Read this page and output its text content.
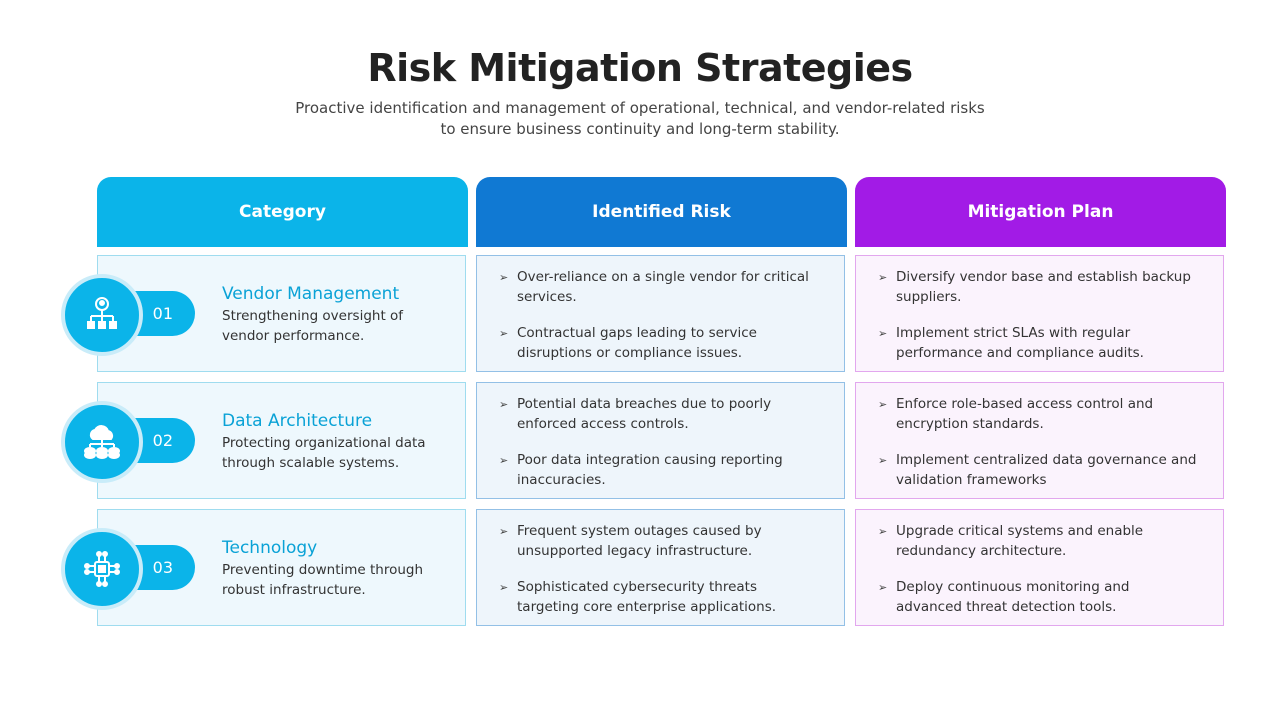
Risk Mitigation Strategies
Proactive identification and management of operational, technical, and vendor-related risks
to ensure business continuity and long-term stability.
Category	Identified Risk	Mitigation Plan
01
Vendor Management
Strengthening oversight of vendor performance.
➢ Over-reliance on a single vendor for critical services.
➢ Contractual gaps leading to service disruptions or compliance issues.
➢ Diversify vendor base and establish backup suppliers.
➢ Implement strict SLAs with regular performance and compliance audits.
02
Data Architecture
Protecting organizational data through scalable systems.
➢ Potential data breaches due to poorly enforced access controls.
➢ Poor data integration causing reporting inaccuracies.
➢ Enforce role-based access control and encryption standards.
➢ Implement centralized data governance and validation frameworks
03
Technology
Preventing downtime through robust infrastructure.
➢ Frequent system outages caused by unsupported legacy infrastructure.
➢ Sophisticated cybersecurity threats targeting core enterprise applications.
➢ Upgrade critical systems and enable redundancy architecture.
➢ Deploy continuous monitoring and advanced threat detection tools.
